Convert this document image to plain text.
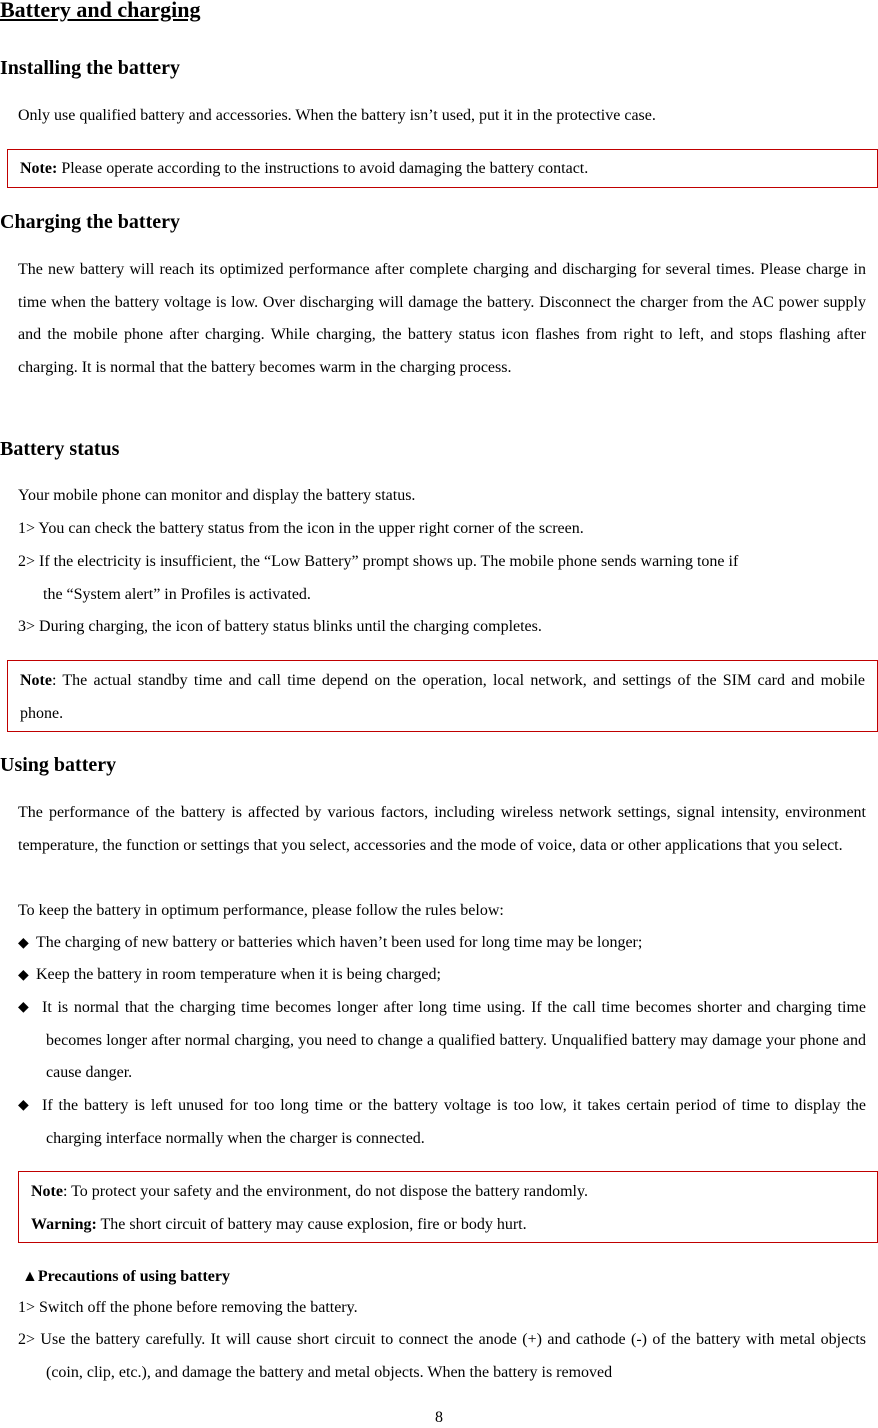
Battery and charging
Installing the battery

Only use qualified battery and accessories. When the battery isn’t used, put it in the protective case.

Note: Please operate according to the instructions to avoid damaging the battery contact.
Charging the battery

The new battery will reach its optimized performance after complete charging and discharging for several times. Please charge in time when the battery voltage is low. Over discharging will damage the battery. Disconnect the charger from the AC power supply and the mobile phone after charging. While charging, the battery status icon flashes from right to left, and stops flashing after charging. It is normal that the battery becomes warm in the charging process.

Battery status

Your mobile phone can monitor and display the battery status.

1> You can check the battery status from the icon in the upper right corner of the screen.

2> If the electricity is insufficient, the “Low Battery” prompt shows up. The mobile phone sends warning tone if

the “System alert” in Profiles is activated.

3> During charging, the icon of battery status blinks until the charging completes.

Note: The actual standby time and call time depend on the operation, local network, and settings of the SIM card and mobile phone.
Using battery

The performance of the battery is affected by various factors, including wireless network settings, signal intensity, environment temperature, the function or settings that you select, accessories and the mode of voice, data or other applications that you select.

To keep the battery in optimum performance, please follow the rules below:

◆ The charging of new battery or batteries which haven’t been used for long time may be longer;

◆ Keep the battery in room temperature when it is being charged;

◆ It is normal that the charging time becomes longer after long time using. If the call time becomes shorter and charging time becomes longer after normal charging, you need to change a qualified battery. Unqualified battery may damage your phone and cause danger.

◆ If the battery is left unused for too long time or the battery voltage is too low, it takes certain period of time to display the charging interface normally when the charger is connected.

Note: To protect your safety and the environment, do not dispose the battery randomly.
Warning: The short circuit of battery may cause explosion, fire or body hurt.

▲Precautions of using battery

1> Switch off the phone before removing the battery.

2> Use the battery carefully. It will cause short circuit to connect the anode (+) and cathode (-) of the battery with metal objects (coin, clip, etc.), and damage the battery and metal objects. When the battery is removed

8
